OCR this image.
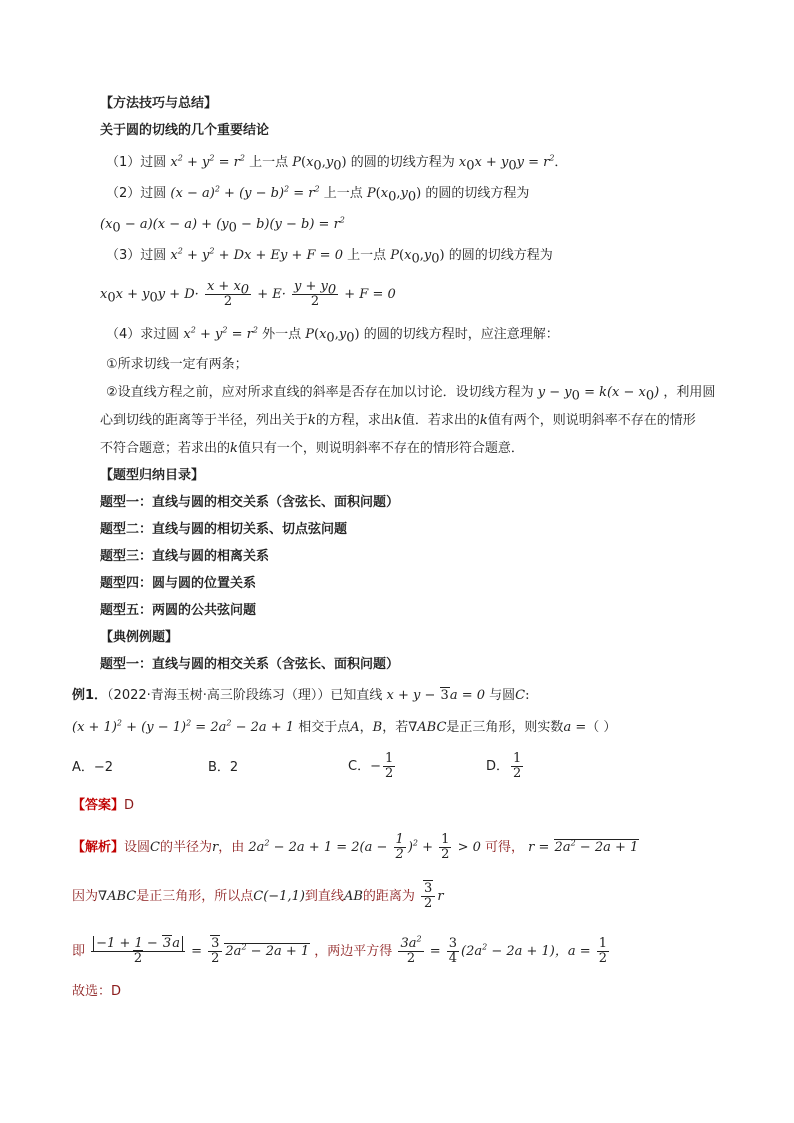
【方法技巧与总结】
关于圆的切线的几个重要结论
（1）过圆 $x^2 + y^2 = r^2$ 上一点 $P(x_0,y_0)$ 的圆的切线方程为 $x_0x + y_0y = r^2$．
（2）过圆 $(x - a)^2 + (y - b)^2 = r^2$ 上一点 $P(x_0,y_0)$ 的圆的切线方程为
$(x_0 - a)(x - a) + (y_0 - b)(y - b) = r^2$
（3）过圆 $x^2 + y^2 + Dx + Ey + F = 0$ 上一点 $P(x_0,y_0)$ 的圆的切线方程为
$x_0x + y_0y + D\cdot \frac{x + x_0}{2} + E\cdot \frac{y + y_0}{2} + F = 0$
（4）求过圆 $x^2 + y^2 = r^2$ 外一点 $P(x_0,y_0)$ 的圆的切线方程时，应注意理解：
①所求切线一定有两条；
②设直线方程之前，应对所求直线的斜率是否存在加以讨论．设切线方程为 $y - y_0 = k(x - x_0)$ ，利用圆
心到切线的距离等于半径，列出关于k的方程，求出k值．若求出的k值有两个，则说明斜率不存在的情形
不符合题意；若求出的k值只有一个，则说明斜率不存在的情形符合题意．
【题型归纳目录】
题型一：直线与圆的相交关系（含弦长、面积问题）
题型二：直线与圆的相切关系、切点弦问题
题型三：直线与圆的相离关系
题型四：圆与圆的位置关系
题型五：两圆的公共弦问题
【典例例题】
题型一：直线与圆的相交关系（含弦长、面积问题）
例1．（2022·青海玉树·高三阶段练习（理））已知直线 x + y − 3a = 0 与圆C:
$(x + 1)^2 + (y - 1)^2 = 2a^2 - 2a + 1$ 相交于点A，B，若∇ABC是正三角形，则实数a =（ ）
A．−2	B．2	C．− $\frac{1}{2}$	D． $\frac{1}{2}$
【答案】D
【解析】设圆C的半径为r，由 $2a^2 - 2a + 1 = 2(a - \frac{1}{2} )^2 + \frac{1}{2} > 0$ 可得， $r = 2a^2 - 2a + 1$
因为∇ABC是正三角形，所以点C(−1,1)到直线AB的距离为 $\frac{3}{2}$ r
即 $\frac{-1 + 1 - 3a}{2} = \frac{3}{2} 2a^2 - 2a + 1$ ，两边平方得 $\frac{3a^2}{2} = \frac{3}{4} (2a^2 - 2a + 1)$，$a = \frac{1}{2}$
故选：D
